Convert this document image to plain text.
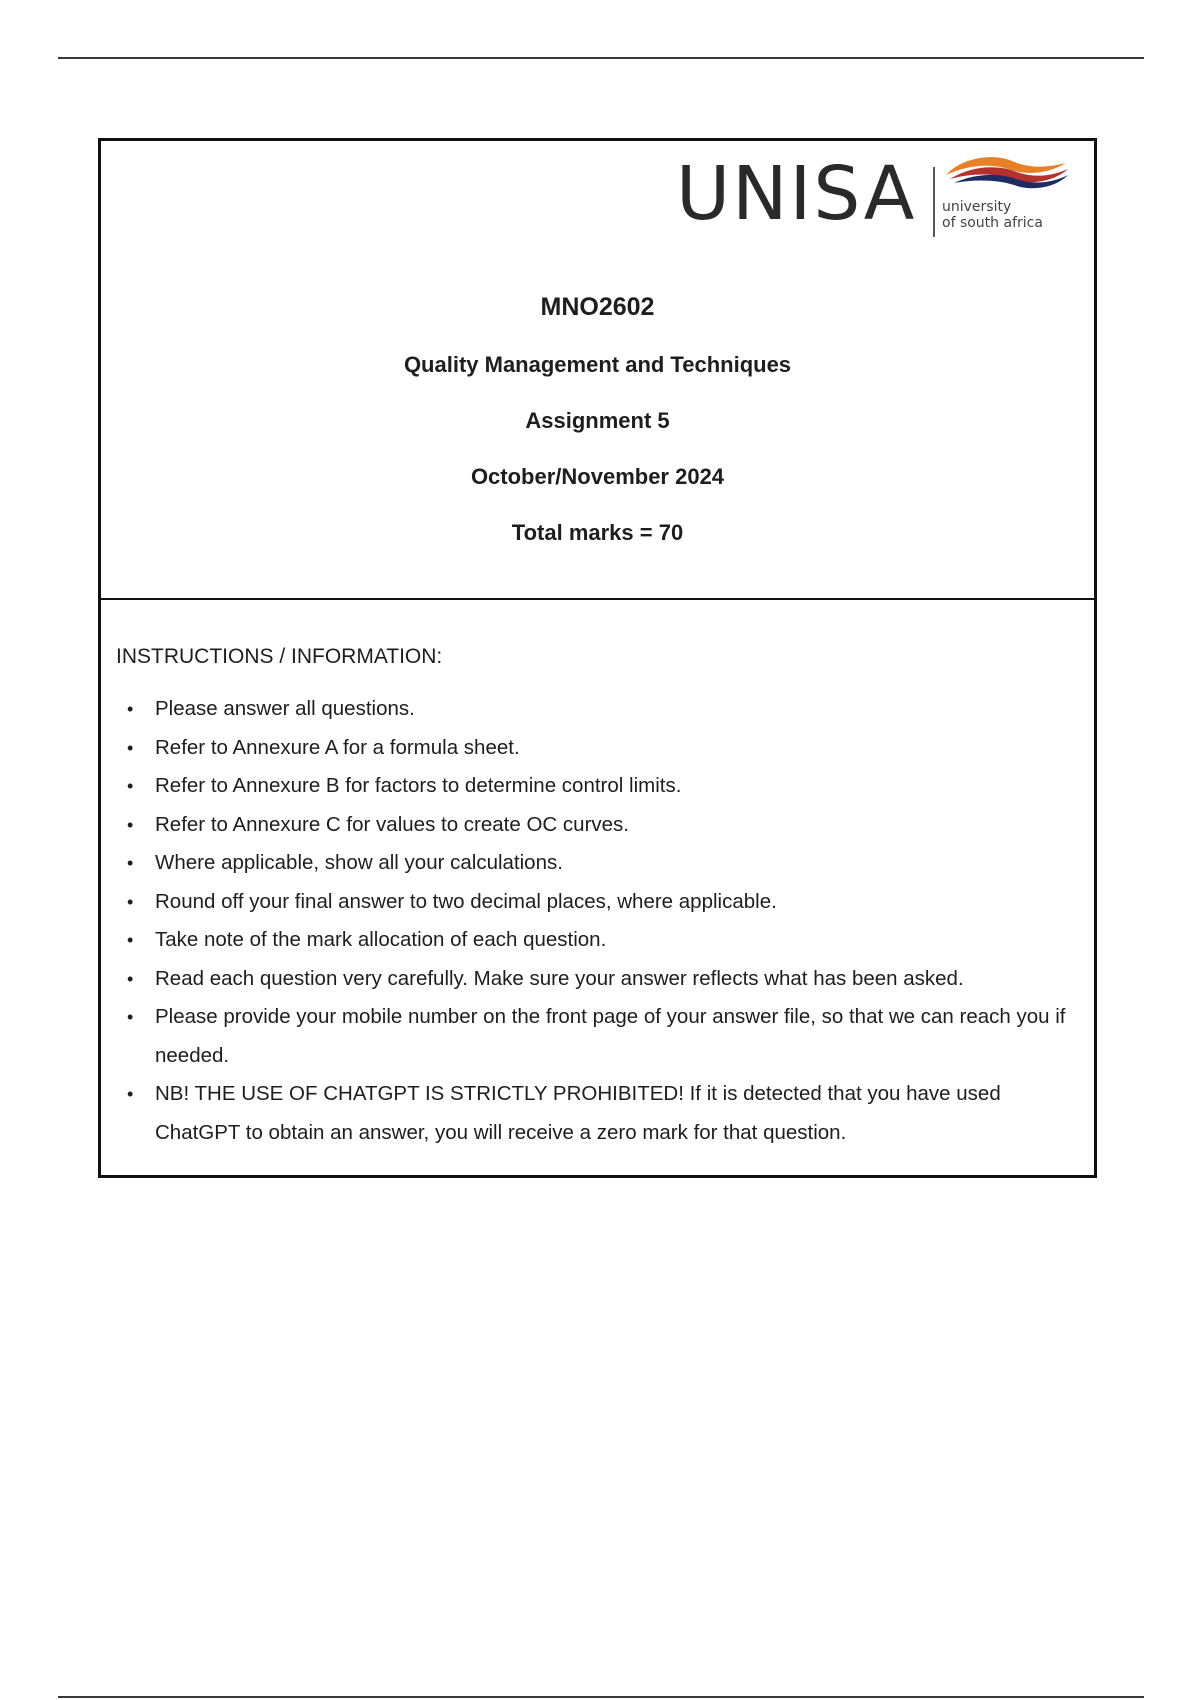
UNISA university
of south africa
MNO2602
Quality Management and Techniques
Assignment 5
October/November 2024
Total marks = 70
INSTRUCTIONS / INFORMATION:
• Please answer all questions.
• Refer to Annexure A for a formula sheet.
• Refer to Annexure B for factors to determine control limits.
• Refer to Annexure C for values to create OC curves.
• Where applicable, show all your calculations.
• Round off your final answer to two decimal places, where applicable.
• Take note of the mark allocation of each question.
• Read each question very carefully. Make sure your answer reflects what has been asked.
• Please provide your mobile number on the front page of your answer file, so that we can reach you if needed.
• NB! THE USE OF CHATGPT IS STRICTLY PROHIBITED! If it is detected that you have used ChatGPT to obtain an answer, you will receive a zero mark for that question.
